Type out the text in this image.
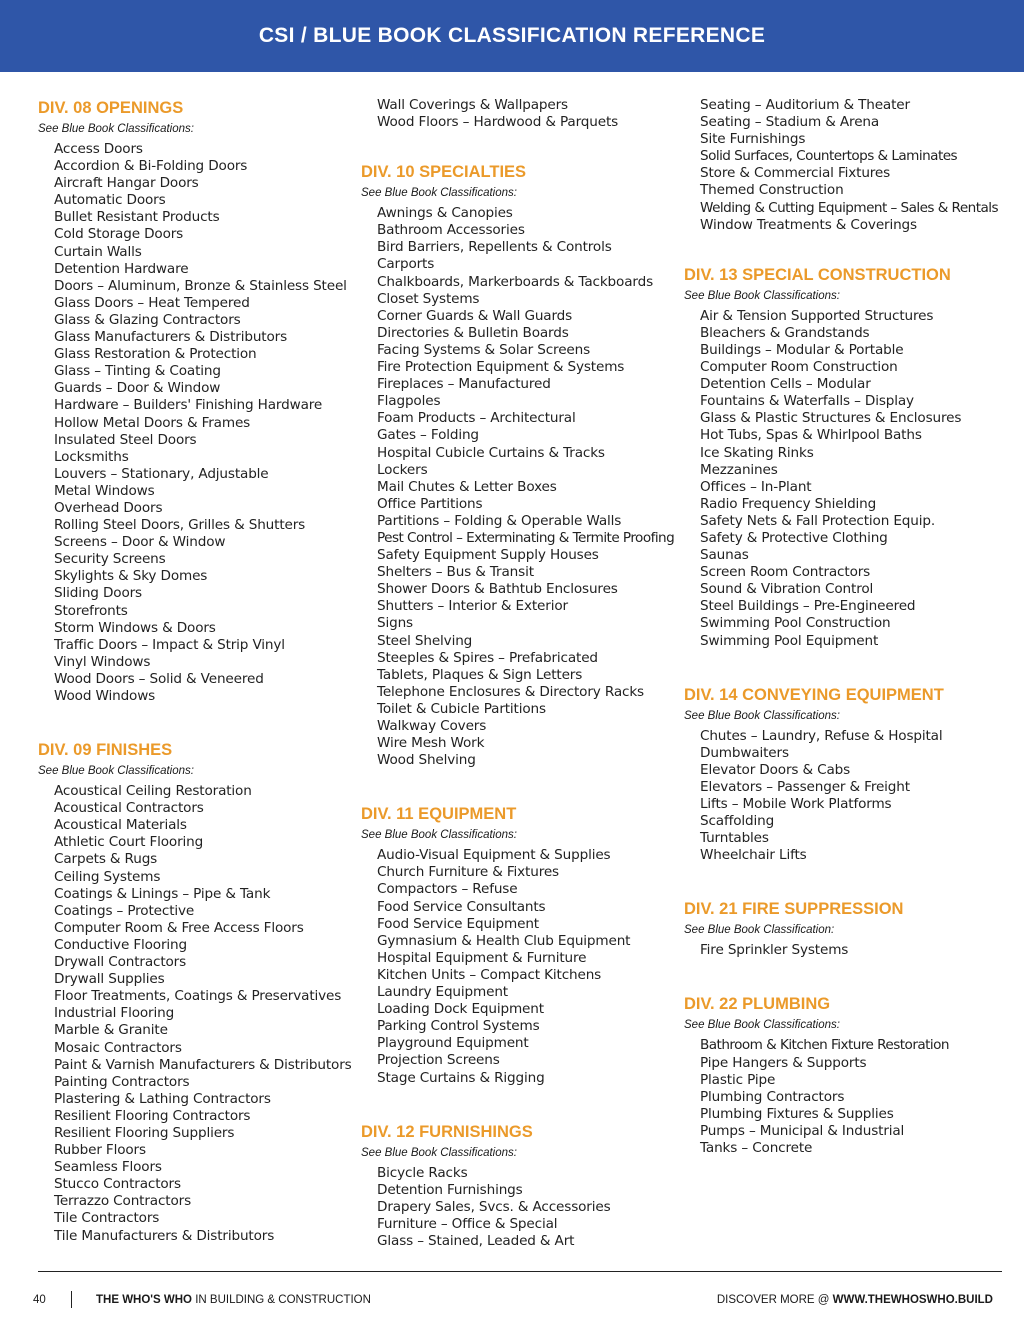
CSI / BLUE BOOK CLASSIFICATION REFERENCE
DIV. 08 OPENINGS
See Blue Book Classifications:
Access Doors
Accordion & Bi-Folding Doors
Aircraft Hangar Doors
Automatic Doors
Bullet Resistant Products
Cold Storage Doors
Curtain Walls
Detention Hardware
Doors – Aluminum, Bronze & Stainless Steel
Glass Doors – Heat Tempered
Glass & Glazing Contractors
Glass Manufacturers & Distributors
Glass Restoration & Protection
Glass – Tinting & Coating
Guards – Door & Window
Hardware – Builders' Finishing Hardware
Hollow Metal Doors & Frames
Insulated Steel Doors
Locksmiths
Louvers – Stationary, Adjustable
Metal Windows
Overhead Doors
Rolling Steel Doors, Grilles & Shutters
Screens – Door & Window
Security Screens
Skylights & Sky Domes
Sliding Doors
Storefronts
Storm Windows & Doors
Traffic Doors – Impact & Strip Vinyl
Vinyl Windows
Wood Doors – Solid & Veneered
Wood Windows
DIV. 09 FINISHES
See Blue Book Classifications:
Acoustical Ceiling Restoration
Acoustical Contractors
Acoustical Materials
Athletic Court Flooring
Carpets & Rugs
Ceiling Systems
Coatings & Linings – Pipe & Tank
Coatings – Protective
Computer Room & Free Access Floors
Conductive Flooring
Drywall Contractors
Drywall Supplies
Floor Treatments, Coatings & Preservatives
Industrial Flooring
Marble & Granite
Mosaic Contractors
Paint & Varnish Manufacturers & Distributors
Painting Contractors
Plastering & Lathing Contractors
Resilient Flooring Contractors
Resilient Flooring Suppliers
Rubber Floors
Seamless Floors
Stucco Contractors
Terrazzo Contractors
Tile Contractors
Tile Manufacturers & Distributors
Wall Coverings & Wallpapers
Wood Floors – Hardwood & Parquets
DIV. 10 SPECIALTIES
See Blue Book Classifications:
Awnings & Canopies
Bathroom Accessories
Bird Barriers, Repellents & Controls
Carports
Chalkboards, Markerboards & Tackboards
Closet Systems
Corner Guards & Wall Guards
Directories & Bulletin Boards
Facing Systems & Solar Screens
Fire Protection Equipment & Systems
Fireplaces – Manufactured
Flagpoles
Foam Products – Architectural
Gates – Folding
Hospital Cubicle Curtains & Tracks
Lockers
Mail Chutes & Letter Boxes
Office Partitions
Partitions – Folding & Operable Walls
Pest Control – Exterminating & Termite Proofing
Safety Equipment Supply Houses
Shelters – Bus & Transit
Shower Doors & Bathtub Enclosures
Shutters – Interior & Exterior
Signs
Steel Shelving
Steeples & Spires – Prefabricated
Tablets, Plaques & Sign Letters
Telephone Enclosures & Directory Racks
Toilet & Cubicle Partitions
Walkway Covers
Wire Mesh Work
Wood Shelving
DIV. 11 EQUIPMENT
See Blue Book Classifications:
Audio-Visual Equipment & Supplies
Church Furniture & Fixtures
Compactors – Refuse
Food Service Consultants
Food Service Equipment
Gymnasium & Health Club Equipment
Hospital Equipment & Furniture
Kitchen Units – Compact Kitchens
Laundry Equipment
Loading Dock Equipment
Parking Control Systems
Playground Equipment
Projection Screens
Stage Curtains & Rigging
DIV. 12 FURNISHINGS
See Blue Book Classifications:
Bicycle Racks
Detention Furnishings
Drapery Sales, Svcs. & Accessories
Furniture – Office & Special
Glass – Stained, Leaded & Art
Seating – Auditorium & Theater
Seating – Stadium & Arena
Site Furnishings
Solid Surfaces, Countertops & Laminates
Store & Commercial Fixtures
Themed Construction
Welding & Cutting Equipment – Sales & Rentals
Window Treatments & Coverings
DIV. 13 SPECIAL CONSTRUCTION
See Blue Book Classifications:
Air & Tension Supported Structures
Bleachers & Grandstands
Buildings – Modular & Portable
Computer Room Construction
Detention Cells – Modular
Fountains & Waterfalls – Display
Glass & Plastic Structures & Enclosures
Hot Tubs, Spas & Whirlpool Baths
Ice Skating Rinks
Mezzanines
Offices – In-Plant
Radio Frequency Shielding
Safety Nets & Fall Protection Equip.
Safety & Protective Clothing
Saunas
Screen Room Contractors
Sound & Vibration Control
Steel Buildings – Pre-Engineered
Swimming Pool Construction
Swimming Pool Equipment
DIV. 14 CONVEYING EQUIPMENT
See Blue Book Classifications:
Chutes – Laundry, Refuse & Hospital
Dumbwaiters
Elevator Doors & Cabs
Elevators – Passenger & Freight
Lifts – Mobile Work Platforms
Scaffolding
Turntables
Wheelchair Lifts
DIV. 21 FIRE SUPPRESSION
See Blue Book Classification:
Fire Sprinkler Systems
DIV. 22 PLUMBING
See Blue Book Classifications:
Bathroom & Kitchen Fixture Restoration
Pipe Hangers & Supports
Plastic Pipe
Plumbing Contractors
Plumbing Fixtures & Supplies
Pumps – Municipal & Industrial
Tanks – Concrete
40	THE WHO'S WHO IN BUILDING & CONSTRUCTION	DISCOVER MORE @ WWW.THEWHOSWHO.BUILD
